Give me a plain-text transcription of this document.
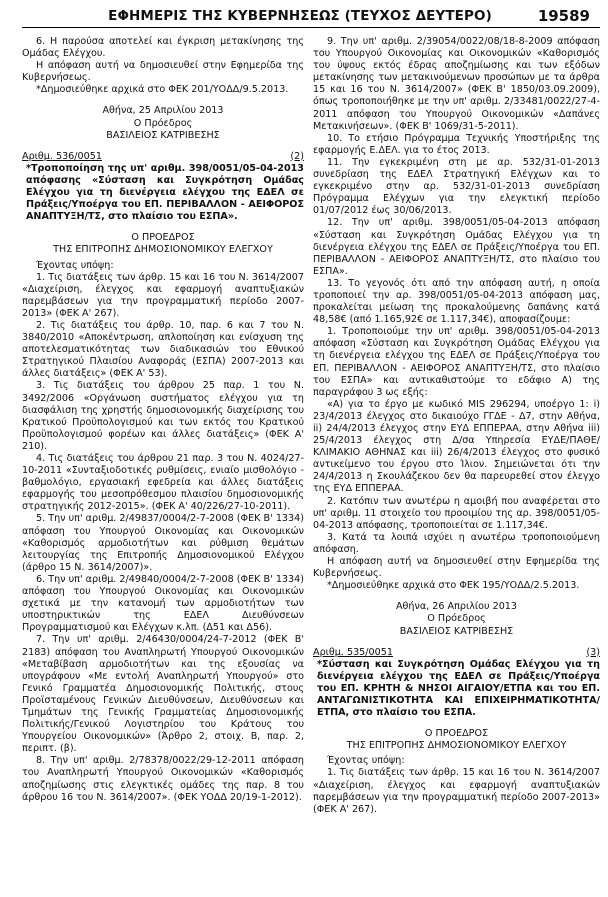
ΕΦΗΜΕΡΙΣ ΤΗΣ ΚΥΒΕΡΝΗΣΕΩΣ (ΤΕΥΧΟΣ ΔΕΥΤΕΡΟ)	19589

6. Η παρούσα αποτελεί και έγκριση μετακίνησης της Ομάδας Ελέγχου.

Η απόφαση αυτή να δημοσιευθεί στην Εφημερίδα της Κυβερνήσεως.

*Δημοσιεύθηκε αρχικά στο ΦΕΚ 201/ΥΟΔΔ/9.5.2013.

Αθήνα, 25 Απριλίου 2013

Ο Πρόεδρος

ΒΑΣΙΛΕΙΟΣ ΚΑΤΡΙΒΕΣΗΣ

Αριθμ. 536/0051	(2)

*Τροποποίηση της υπ' αριθμ. 398/0051/05-04-2013 απόφασης «Σύσταση και Συγκρότηση Ομάδας Ελέγχου για τη διενέργεια ελέγχου της ΕΔΕΛ σε Πράξεις/Υπoέργα του ΕΠ. ΠΕΡΙΒΑΛΛΟΝ - ΑΕΙΦΟΡΟΣ ΑΝΑΠΤΥΞΗ/ΤΣ, στο πλαίσιο του ΕΣΠΑ».

Ο ΠΡΟΕΔΡΟΣ

ΤΗΣ ΕΠΙΤΡΟΠΗΣ ΔΗΜΟΣΙΟΝΟΜΙΚΟΥ ΕΛΕΓΧΟΥ

Έχοντας υπόψη:

1. Τις διατάξεις των άρθρ. 15 και 16 του Ν. 3614/2007 «Διαχείριση, έλεγχος και εφαρμογή αναπτυξιακών παρεμβάσεων για την προγραμματική περίοδο 2007-2013» (ΦΕΚ Α' 267).

2. Τις διατάξεις του άρθρ. 10, παρ. 6 και 7 του Ν. 3840/2010 «Αποκέντρωση, απλοποίηση και ενίσχυση της αποτελεσματικότητας των διαδικασιών του Εθνικού Στρατηγικού Πλαισίου Αναφοράς (ΕΣΠΑ) 2007-2013 και άλλες διατάξεις» (ΦΕΚ Α' 53).

3. Τις διατάξεις του άρθρου 25 παρ. 1 του Ν. 3492/2006 «Οργάνωση συστήματος ελέγχου για τη διασφάλιση της χρηστής δημοσιονομικής διαχείρισης του Κρατικού Προϋπολογισμού και των εκτός του Κρατικού Προϋπολογισμού φορέων και άλλες διατάξεις» (ΦΕΚ Α' 210).

4. Τις διατάξεις του άρθρου 21 παρ. 3 του Ν. 4024/27-10-2011 «Συνταξιοδοτικές ρυθμίσεις, ενιαίο μισθολόγιο - βαθμολόγιο, εργασιακή εφεδρεία και άλλες διατάξεις εφαρμογής του μεσοπρόθεσμου πλαισίου δημοσιονομικής στρατηγικής 2012-2015». (ΦΕΚ Α' 40/226/27-10-2011).

5. Την υπ' αριθμ. 2/49837/0004/2-7-2008 (ΦΕΚ Β' 1334) απόφαση του Υπουργού Οικονομίας και Οικονομικών «Καθορισμός αρμοδιοτήτων και ρύθμιση θεμάτων λειτουργίας της Επιτροπής Δημοσιονομικού Ελέγχου (άρθρο 15 Ν. 3614/2007)».

6. Την υπ' αριθμ. 2/49840/0004/2-7-2008 (ΦΕΚ Β' 1334) απόφαση του Υπουργού Οικονομίας και Οικονομικών σχετικά με την κατανομή των αρμοδιοτήτων των υποστηρικτικών της ΕΔΕΛ Διευθύνσεων Προγραμματισμού και Ελέγχων κ.λπ. (Δ51 και Δ56).

7. Την υπ' αριθμ. 2/46430/0004/24-7-2012 (ΦΕΚ Β' 2183) απόφαση του Αναπληρωτή Υπουργού Οικονομικών «Μεταβίβαση αρμοδιοτήτων και της εξουσίας να υπογράφουν «Με εντολή Αναπληρωτή Υπουργού» στο Γενικό Γραμματέα Δημοσιονομικής Πολιτικής, στους Προϊσταμένους Γενικών Διευθύνσεων, Διευθύνσεων και Τμημάτων της Γενικής Γραμματείας Δημοσιονομικής Πολιτικής/Γενικού Λογιστηρίου του Κράτους του Υπουργείου Οικονομικών» (Άρθρο 2, στοιχ. Β, παρ. 2, περιπτ. (β).

8. Την υπ' αριθμ. 2/78378/0022/29-12-2011 απόφαση του Αναπληρωτή Υπουργού Οικονομικών «Καθορισμός αποζημίωσης στις ελεγκτικές ομάδες της παρ. 8 του άρθρου 16 του Ν. 3614/2007». (ΦΕΚ ΥΟΔΔ 20/19-1-2012).

9. Την υπ' αριθμ. 2/39054/0022/08/18-8-2009 απόφαση του Υπουργού Οικονομίας και Οικονομικών «Καθορισμός του ύψους εκτός έδρας αποζημίωσης και των εξόδων μετακίνησης των μετακινούμενων προσώπων με τα άρθρα 15 και 16 του Ν. 3614/2007» (ΦΕΚ Β' 1850/03.09.2009), όπως τροποποιήθηκε με την υπ' αριθμ. 2/33481/0022/27-4-2011 απόφαση του Υπουργού Οικονομικών «Δαπάνες Μετακινήσεων». (ΦΕΚ Β' 1069/31-5-2011).

10. Το ετήσιο Πρόγραμμα Τεχνικής Υποστήριξης της εφαρμογής Ε.ΔΕΛ. για το έτος 2013.

11. Την εγκεκριμένη στη με αρ. 532/31-01-2013 συνεδρίαση της ΕΔΕΛ Στρατηγική Ελέγχων και το εγκεκριμένο στην αρ. 532/31-01-2013 συνεδρίαση Πρόγραμμα Ελέγχων για την ελεγκτική περίοδο 01/07/2012 έως 30/06/2013.

12. Την υπ' αριθμ. 398/0051/05-04-2013 απόφαση «Σύσταση και Συγκρότηση Ομάδας Ελέγχου για τη διενέργεια ελέγχου της ΕΔΕΛ σε Πράξεις/Υποέργα του ΕΠ. ΠΕΡΙΒΑΛΛΟΝ - ΑΕΙΦΟΡΟΣ ΑΝΑΠΤΥΞΗ/ΤΣ, στο πλαίσιο του ΕΣΠΑ».

13. Το γεγονός ότι από την απόφαση αυτή, η οποία τροποποιεί την αρ. 398/0051/05-04-2013 απόφαση μας, προκαλείται μείωση της προκαλούμενης δαπάνης κατά 48,58€ (από 1.165,92€ σε 1.117,34€), αποφασίζουμε:

1. Τροποποιούμε την υπ' αριθμ. 398/0051/05-04-2013 απόφαση «Σύσταση και Συγκρότηση Ομάδας Ελέγχου για τη διενέργεια ελέγχου της ΕΔΕΛ σε Πράξεις/Υποέργα του ΕΠ. ΠΕΡΙΒΑΛΛΟΝ - ΑΕΙΦΟΡΟΣ ΑΝΑΠΤΥΞΗ/ΤΣ, στο πλαίσιο του ΕΣΠΑ» και αντικαθιστούμε το εδάφιο Α) της παραγράφου 3 ως εξής:

«Α) για το έργο με κωδικό MIS 296294, υποέργο 1: i) 23/4/2013 έλεγχος στο δικαιούχο ΓΓΔΕ - Δ7, στην Αθήνα, ii) 24/4/2013 έλεγχος στην ΕΥΔ ΕΠΠΕΡΑΑ, στην Αθήνα iii) 25/4/2013 έλεγχος στη Δ/σα Υπηρεσία ΕΥΔΕ/ΠΑΘΕ/ΚΛΙΜΑΚΙΟ ΑΘΗΝΑΣ και iii) 26/4/2013 έλεγχος στο φυσικό αντικείμενο του έργου στο Ίλιον. Σημειώνεται ότι την 24/4/2013 η Σκουλάζεκου δεν θα παρευρεθεί στον έλεγχο της ΕΥΔ ΕΠΠΕΡΑΑ.

2. Κατόπιν των ανωτέρω η αμοιβή που αναφέρεται στο υπ' αριθμ. 11 στοιχείο του προοιμίου της αρ. 398/0051/05-04-2013 απόφασης, τροποποιείται σε 1.117,34€.

3. Κατά τα λοιπά ισχύει η ανωτέρω τροποποιούμενη απόφαση.

Η απόφαση αυτή να δημοσιευθεί στην Εφημερίδα της Κυβερνήσεως.

*Δημοσιεύθηκε αρχικά στο ΦΕΚ 195/ΥΟΔΔ/2.5.2013.

Αθήνα, 26 Απριλίου 2013

Ο Πρόεδρος

ΒΑΣΙΛΕΙΟΣ ΚΑΤΡΙΒΕΣΗΣ

Αριθμ. 535/0051	(3)

*Σύσταση και Συγκρότηση Ομάδας Ελέγχου για τη διενέργεια ελέγχου της ΕΔΕΛ σε Πράξεις/Υποέργα του ΕΠ. ΚΡΗΤΗ & ΝΗΣΟΙ ΑΙΓΑΙΟΥ/ΕΤΠΑ και του ΕΠ. ΑΝΤΑΓΩΝΙΣΤΙΚΟΤΗΤΑ ΚΑΙ ΕΠΙΧΕΙΡΗΜΑΤΙΚΟΤΗΤΑ/ΕΤΠΑ, στο πλαίσιο του ΕΣΠΑ.

Ο ΠΡΟΕΔΡΟΣ

ΤΗΣ ΕΠΙΤΡΟΠΗΣ ΔΗΜΟΣΙΟΝΟΜΙΚΟΥ ΕΛΕΓΧΟΥ

Έχοντας υπόψη:

1. Τις διατάξεις των άρθρ. 15 και 16 του Ν. 3614/2007 «Διαχείριση, έλεγχος και εφαρμογή αναπτυξιακών παρεμβάσεων για την προγραμματική περίοδο 2007-2013» (ΦΕΚ Α' 267).
